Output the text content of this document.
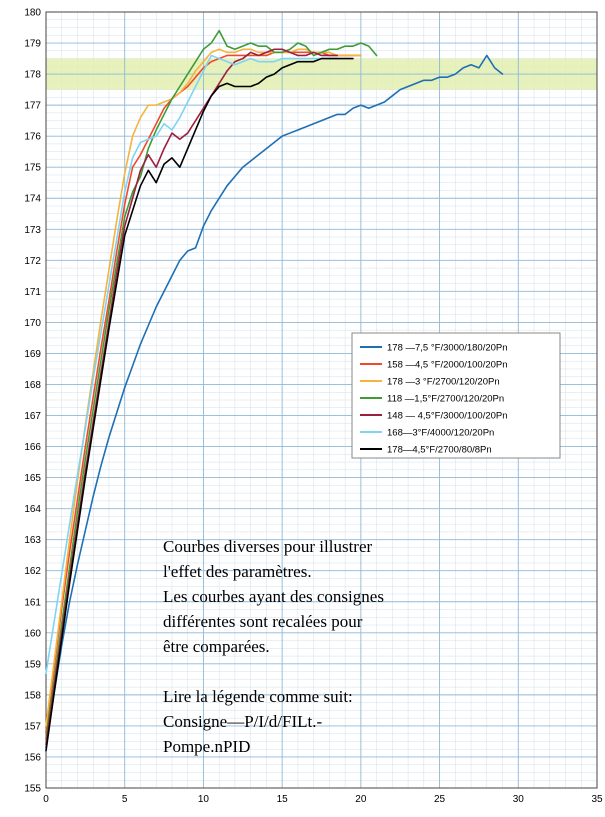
155
156
157
158
159
160
161
162
163
164
165
166
167
168
169
170
171
172
173
174
175
176
177
178
179
180
0	5	10	15	20	25	30	35
178 —7,5 °F/3000/180/20Pn
158 —4,5 °F/2000/100/20Pn
178 —3 °F/2700/120/20Pn
118 —1,5°F/2700/120/20Pn
148 — 4,5°F/3000/100/20Pn
168—3°F/4000/120/20Pn
178—4,5°F/2700/80/8Pn
Courbes diverses pour illustrer
l'effet des paramètres.
Les courbes ayant des consignes
différentes sont recalées pour
être comparées.
Lire la légende comme suit:
Consigne—P/I/d/FILt.-
Pompe.nPID
